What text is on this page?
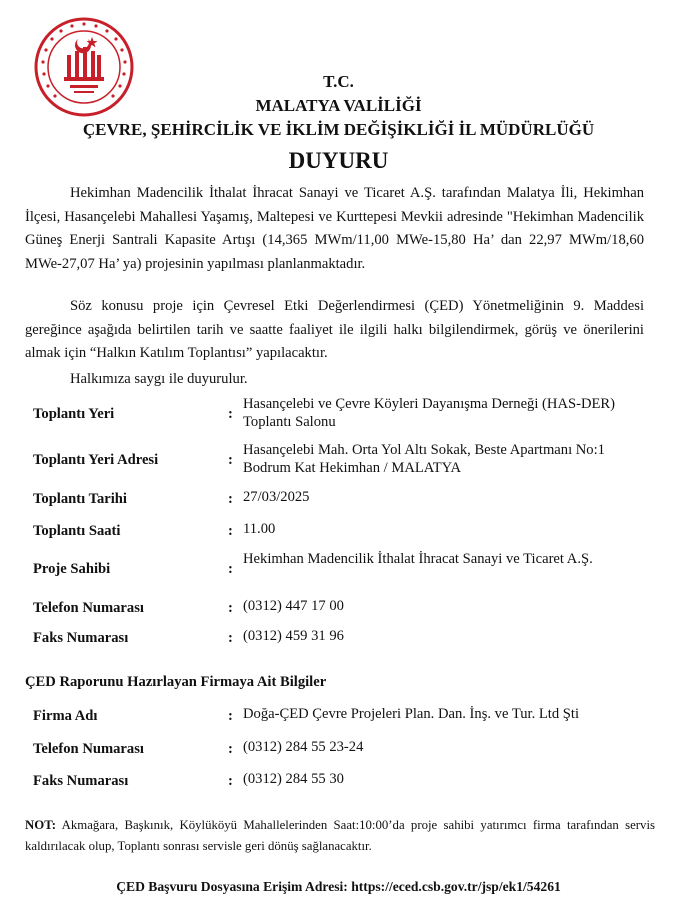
T.C.
MALATYA VALİLİĞİ
ÇEVRE, ŞEHİRCİLİK VE İKLİM DEĞİŞİKLİĞİ İL MÜDÜRLÜĞÜ
DUYURU
Hekimhan Madencilik İthalat İhracat Sanayi ve Ticaret A.Ş. tarafından Malatya İli, Hekimhan İlçesi, Hasançelebi Mahallesi Yaşamış, Maltepesi ve Kurttepesi Mevkii adresinde "Hekimhan Madencilik Güneş Enerji Santrali Kapasite Artışı (14,365 MWm/11,00 MWe-15,80 Ha’ dan 22,97 MWm/18,60 MWe-27,07 Ha’ ya) projesinin yapılması planlanmaktadır.
Söz konusu proje için Çevresel Etki Değerlendirmesi (ÇED) Yönetmeliğinin 9. Maddesi gereğince aşağıda belirtilen tarih ve saatte faaliyet ile ilgili halkı bilgilendirmek, görüş ve önerilerini almak için “Halkın Katılım Toplantısı” yapılacaktır.
Halkımıza saygı ile duyurulur.
Toplantı Yeri	:
Hasançelebi ve Çevre Köyleri Dayanışma Derneği (HAS-DER) Toplantı Salonu
Toplantı Yeri Adresi	:
Hasançelebi Mah. Orta Yol Altı Sokak, Beste Apartmanı No:1 Bodrum Kat Hekimhan / MALATYA
Toplantı Tarihi	: 27/03/2025
Toplantı Saati	: 11.00
Proje Sahibi	:
Hekimhan Madencilik İthalat İhracat Sanayi ve Ticaret A.Ş.
Telefon Numarası	: (0312) 447 17 00
Faks Numarası	: (0312) 459 31 96
ÇED Raporunu Hazırlayan Firmaya Ait Bilgiler
Firma Adı	: Doğa-ÇED Çevre Projeleri Plan. Dan. İnş. ve Tur. Ltd Şti
Telefon Numarası	: (0312) 284 55 23-24
Faks Numarası	: (0312) 284 55 30
NOT: Akmağara, Başkınık, Köylüköyü Mahallelerinden Saat:10:00’da proje sahibi yatırımcı firma tarafından servis kaldırılacak olup, Toplantı sonrası servisle geri dönüş sağlanacaktır.
ÇED Başvuru Dosyasına Erişim Adresi: https://eced.csb.gov.tr/jsp/ek1/54261
